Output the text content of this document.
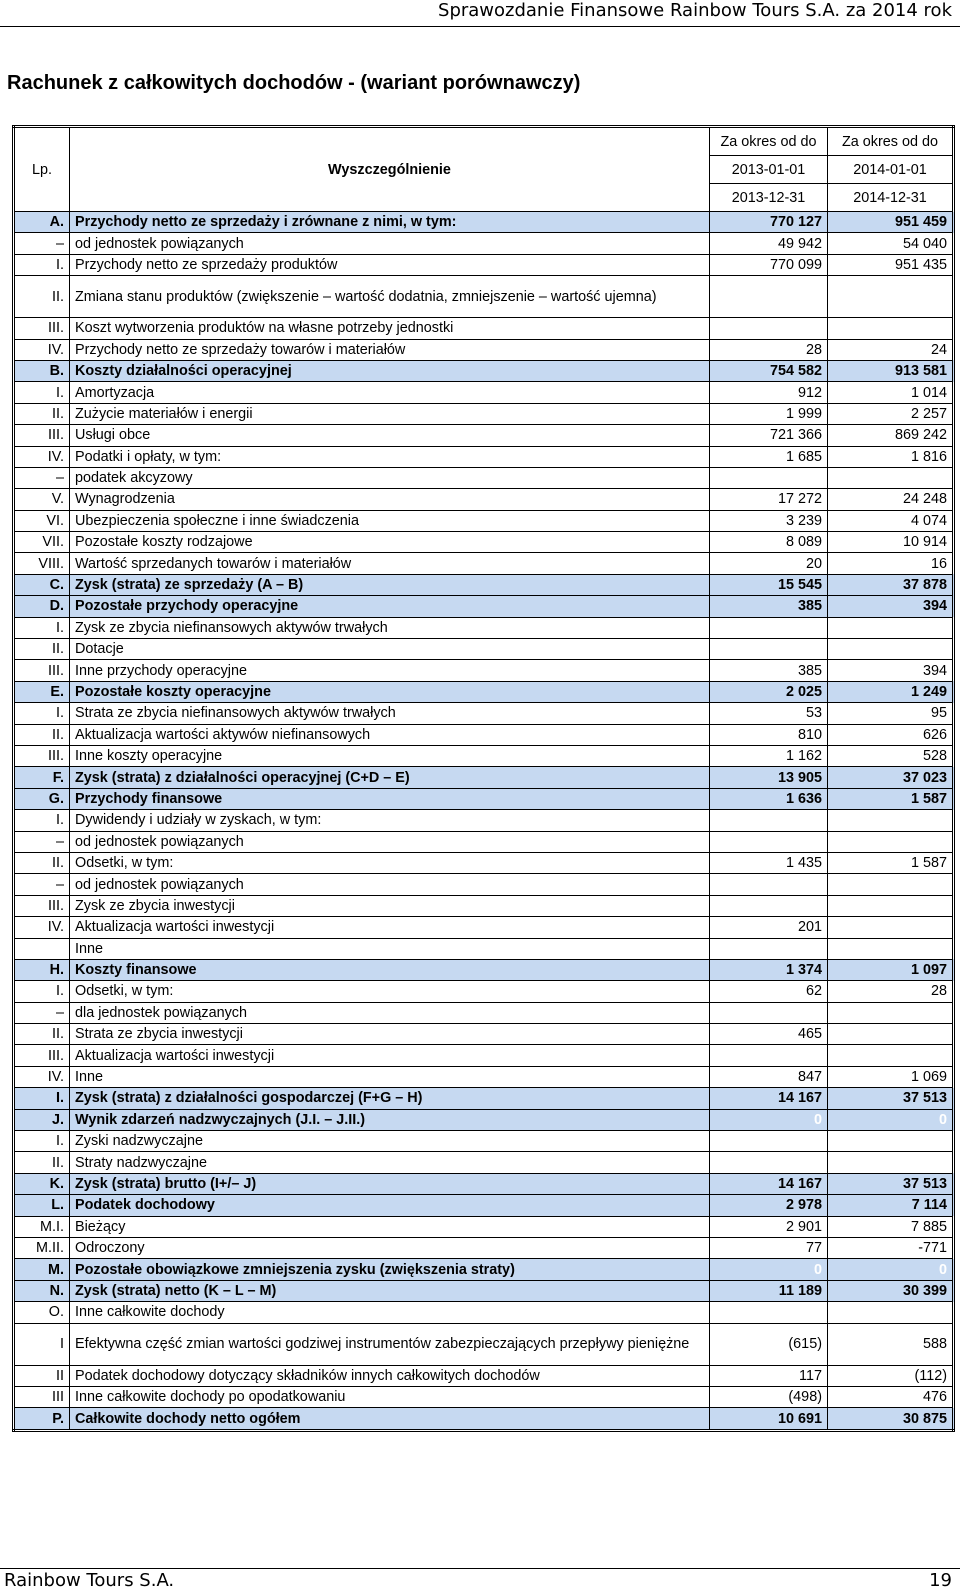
Sprawozdanie Finansowe Rainbow Tours S.A. za 2014 rok
Rachunek z całkowitych dochodów - (wariant porównawczy)
		Za okres od do	Za okres od do
Lp.	Wyszczególnienie	2013-01-01	2014-01-01
		2013-12-31	2014-12-31
A.	Przychody netto ze sprzedaży i zrównane z nimi, w tym:	770 127	951 459
–	od jednostek powiązanych	49 942	54 040
I.	Przychody netto ze sprzedaży produktów	770 099	951 435
II.	Zmiana stanu produktów (zwiększenie – wartość dodatnia, zmniejszenie – wartość ujemna)		
III.	Koszt wytworzenia produktów na własne potrzeby jednostki		
IV.	Przychody netto ze sprzedaży towarów i materiałów	28	24
B.	Koszty działalności operacyjnej	754 582	913 581
I.	Amortyzacja	912	1 014
II.	Zużycie materiałów i energii	1 999	2 257
III.	Usługi obce	721 366	869 242
IV.	Podatki i opłaty, w tym:	1 685	1 816
–	podatek akcyzowy		
V.	Wynagrodzenia	17 272	24 248
VI.	Ubezpieczenia społeczne i inne świadczenia	3 239	4 074
VII.	Pozostałe koszty rodzajowe	8 089	10 914
VIII.	Wartość sprzedanych towarów i materiałów	20	16
C.	Zysk (strata) ze sprzedaży (A – B)	15 545	37 878
D.	Pozostałe przychody operacyjne	385	394
I.	Zysk ze zbycia niefinansowych aktywów trwałych		
II.	Dotacje		
III.	Inne przychody operacyjne	385	394
E.	Pozostałe koszty operacyjne	2 025	1 249
I.	Strata ze zbycia niefinansowych aktywów trwałych	53	95
II.	Aktualizacja wartości aktywów niefinansowych	810	626
III.	Inne koszty operacyjne	1 162	528
F.	Zysk (strata) z działalności operacyjnej (C+D – E)	13 905	37 023
G.	Przychody finansowe	1 636	1 587
I.	Dywidendy i udziały w zyskach, w tym:		
–	od jednostek powiązanych		
II.	Odsetki, w tym:	1 435	1 587
–	od jednostek powiązanych		
III.	Zysk ze zbycia inwestycji		
IV.	Aktualizacja wartości inwestycji	201	
	Inne		
H.	Koszty finansowe	1 374	1 097
I.	Odsetki, w tym:	62	28
–	dla jednostek powiązanych		
II.	Strata ze zbycia inwestycji	465	
III.	Aktualizacja wartości inwestycji		
IV.	Inne	847	1 069
I.	Zysk (strata) z działalności gospodarczej (F+G – H)	14 167	37 513
J.	Wynik zdarzeń nadzwyczajnych (J.I. – J.II.)	0	0
I.	Zyski nadzwyczajne		
II.	Straty nadzwyczajne		
K.	Zysk (strata) brutto (I+/– J)	14 167	37 513
L.	Podatek dochodowy	2 978	7 114
M.I.	Bieżący	2 901	7 885
M.II.	Odroczony	77	-771
M.	Pozostałe obowiązkowe zmniejszenia zysku (zwiększenia straty)	0	0
N.	Zysk (strata) netto (K – L – M)	11 189	30 399
O.	Inne całkowite dochody		
I	Efektywna część zmian wartości godziwej instrumentów zabezpieczających przepływy pieniężne	(615)	588
II	Podatek dochodowy dotyczący składników innych całkowitych dochodów	117	(112)
III	Inne całkowite dochody po opodatkowaniu	(498)	476
P.	Całkowite dochody netto ogółem	10 691	30 875
Rainbow Tours S.A.	19
